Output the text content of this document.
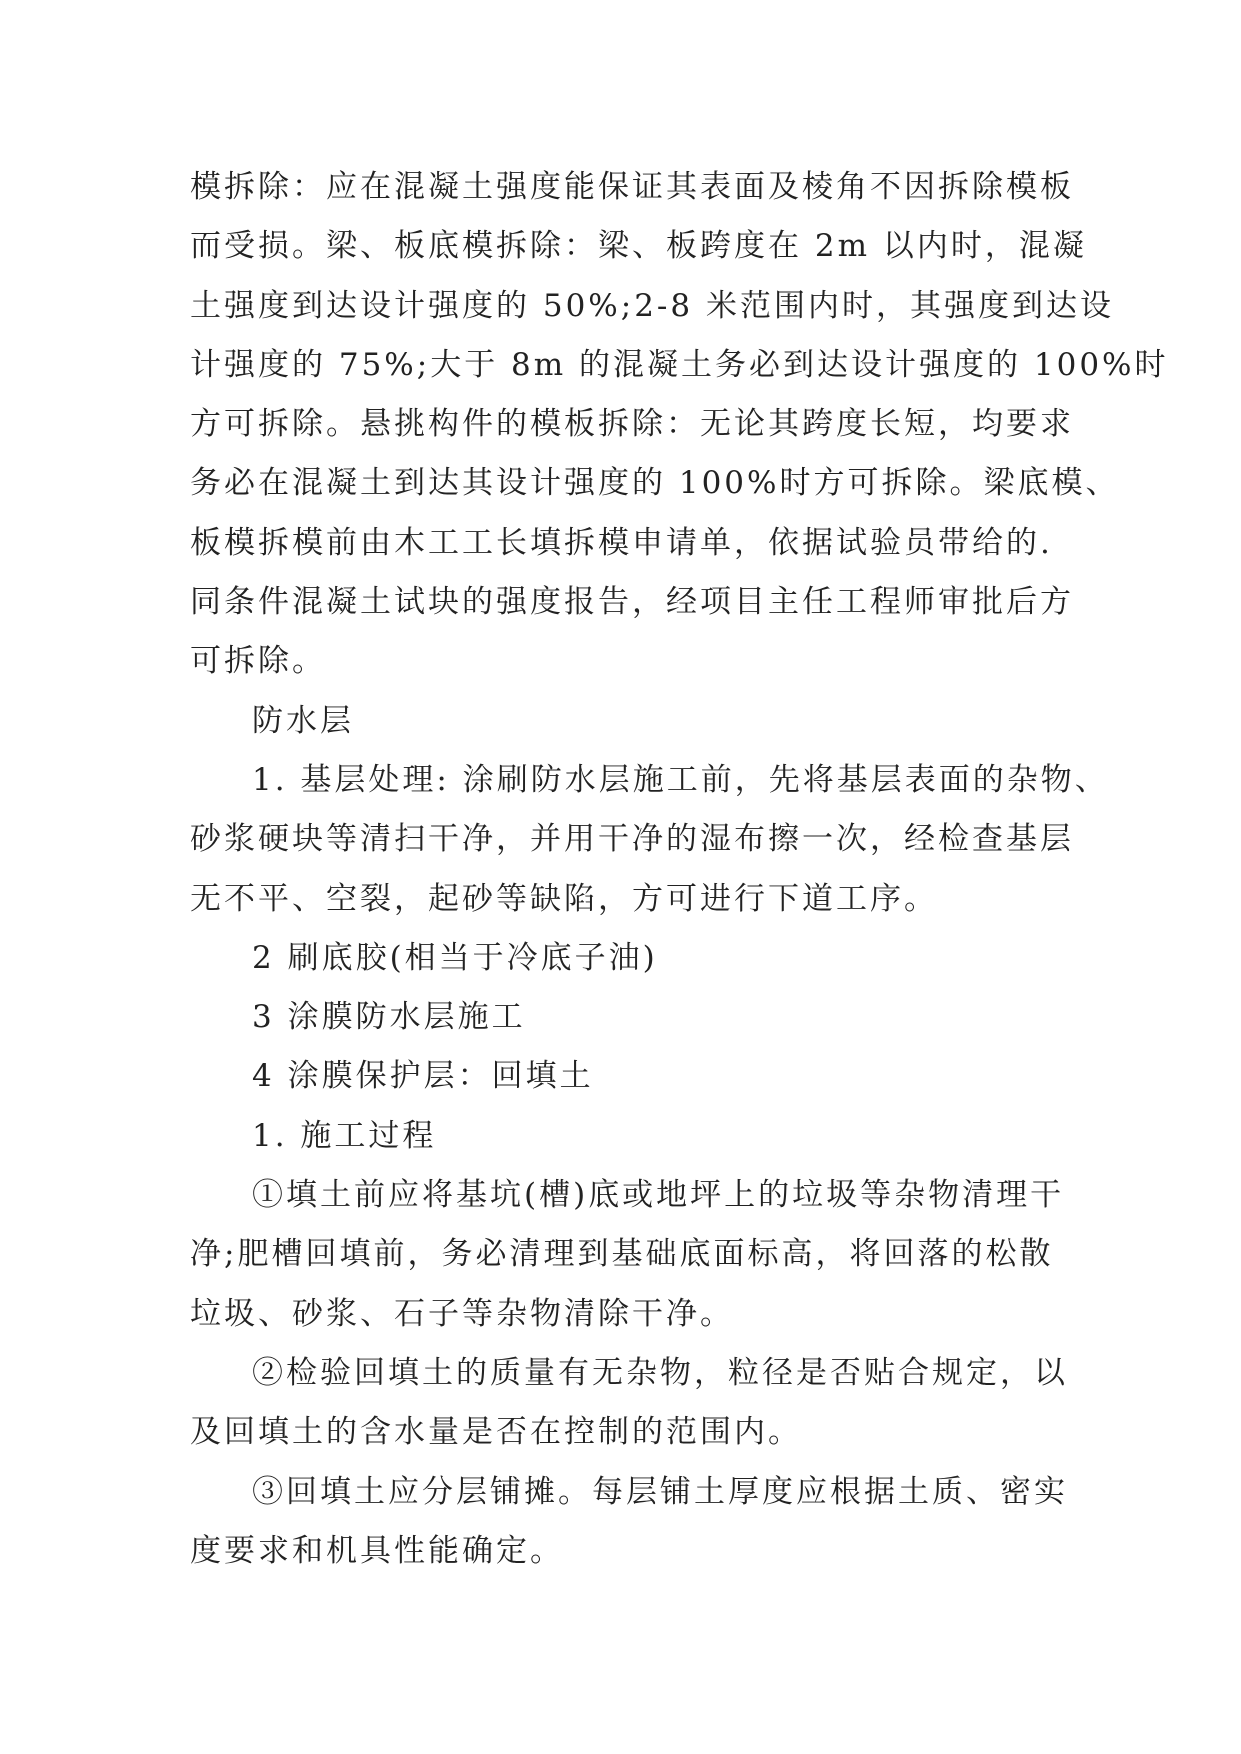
模拆除：应在混凝土强度能保证其表面及棱角不因拆除模板
而受损。梁、板底模拆除：梁、板跨度在 2m 以内时，混凝
土强度到达设计强度的 50%;2-8 米范围内时，其强度到达设
计强度的 75%;大于 8m 的混凝土务必到达设计强度的 100%时
方可拆除。悬挑构件的模板拆除：无论其跨度长短，均要求
务必在混凝土到达其设计强度的 100%时方可拆除。梁底模、
板模拆模前由木工工长填拆模申请单，依据试验员带给的.
同条件混凝土试块的强度报告，经项目主任工程师审批后方
可拆除。
防水层
1. 基层处理: 涂刷防水层施工前，先将基层表面的杂物、
砂浆硬块等清扫干净，并用干净的湿布擦一次，经检查基层
无不平、空裂，起砂等缺陷，方可进行下道工序。
2 刷底胶(相当于冷底子油)
3 涂膜防水层施工
4 涂膜保护层：回填土
1. 施工过程
①填土前应将基坑(槽)底或地坪上的垃圾等杂物清理干
净;肥槽回填前，务必清理到基础底面标高，将回落的松散
垃圾、砂浆、石子等杂物清除干净。
②检验回填土的质量有无杂物，粒径是否贴合规定，以
及回填土的含水量是否在控制的范围内。
③回填土应分层铺摊。每层铺土厚度应根据土质、密实
度要求和机具性能确定。
